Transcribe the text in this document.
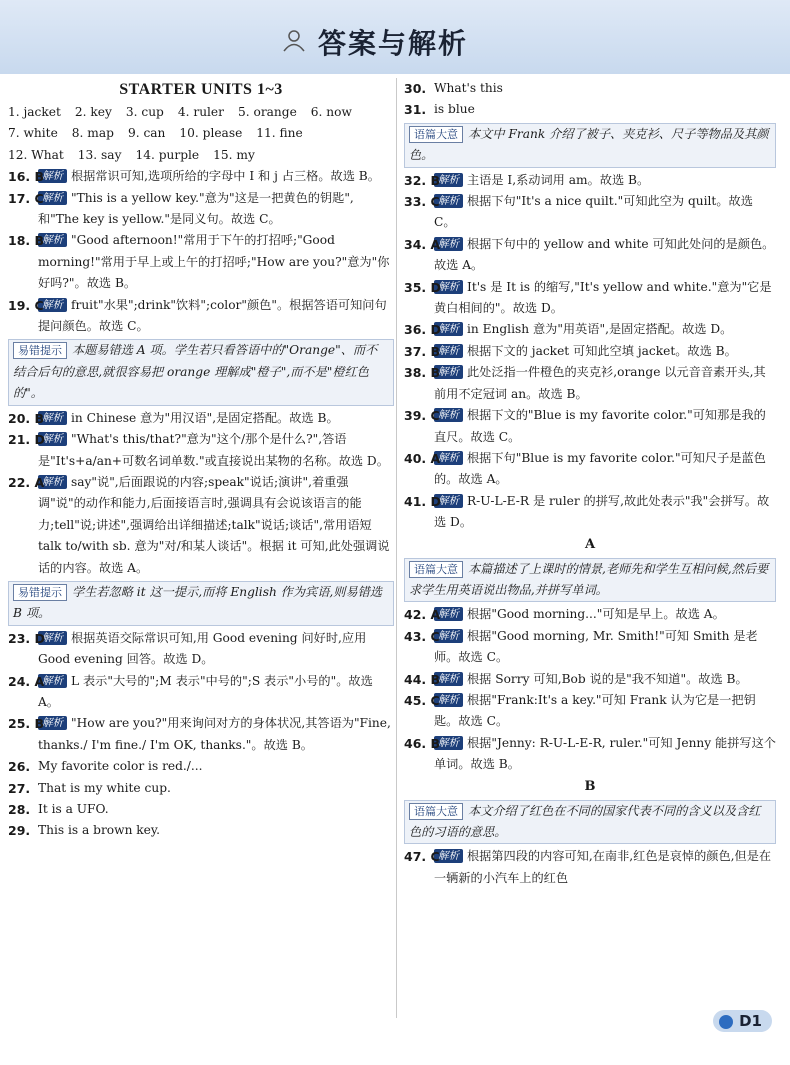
答案与解析
STARTER UNITS 1~3
1. jacket 2. key 3. cup 4. ruler 5. orange 6. now
7. white 8. map 9. can 10. please 11. fine
12. What 13. say 14. purple 15. my
16. B
解析 根据常识可知,选项所给的字母中 I 和 j 占三格。故选 B。
17. C
解析 "This is a yellow key."意为"这是一把黄色的钥匙",和"The key is yellow."是同义句。故选 C。
18. B
解析 "Good afternoon!"常用于下午的打招呼;"Good morning!"常用于早上或上午的打招呼;"How are you?"意为"你好吗?"。故选 B。
19. C
解析 fruit"水果";drink"饮料";color"颜色"。根据答语可知问句提问颜色。故选 C。
易错提示 本题易错选 A 项。学生若只看答语中的"Orange"、而不结合后句的意思,就很容易把 orange 理解成"橙子",而不是"橙红色的"。
20. B
解析 in Chinese 意为"用汉语",是固定搭配。故选 B。
21. D
解析 "What's this/that?"意为"这个/那个是什么?",答语是"It's+a/an+可数名词单数."或直接说出某物的名称。故选 D。
22. A
解析 say"说",后面跟说的内容;speak"说话;演讲",着重强调"说"的动作和能力,后面接语言时,强调具有会说该语言的能力;tell"说;讲述",强调给出详细描述;talk"说话;谈话",常用语短 talk to/with sb. 意为"对/和某人谈话"。根据 it 可知,此处强调说话的内容。故选 A。
易错提示 学生若忽略 it 这一提示,而将 English 作为宾语,则易错选 B 项。
23. D
解析 根据英语交际常识可知,用 Good evening 问好时,应用 Good evening 回答。故选 D。
24. A
解析 L 表示"大号的";M 表示"中号的";S 表示"小号的"。故选 A。
25. B
解析 "How are you?"用来询问对方的身体状况,其答语为"Fine, thanks./ I'm fine./ I'm OK, thanks."。故选 B。
26. My favorite color is red./...
27. That is my white cup.
28. It is a UFO.
29. This is a brown key.
30. What's this
31. is blue
语篇大意 本文中 Frank 介绍了被子、夹克衫、尺子等物品及其颜色。
32. B
解析 主语是 I,系动词用 am。故选 B。
33. C
解析 根据下句"It's a nice quilt."可知此空为 quilt。故选 C。
34. A
解析 根据下句中的 yellow and white 可知此处问的是颜色。故选 A。
35. D
解析 It's 是 It is 的缩写,"It's yellow and white."意为"它是黄白相间的"。故选 D。
36. D
解析 in English 意为"用英语",是固定搭配。故选 D。
37. B
解析 根据下文的 jacket 可知此空填 jacket。故选 B。
38. B
解析 此处泛指一件橙色的夹克衫,orange 以元音音素开头,其前用不定冠词 an。故选 B。
39. C
解析 根据下文的"Blue is my favorite color."可知那是我的直尺。故选 C。
40. A
解析 根据下句"Blue is my favorite color."可知尺子是蓝色的。故选 A。
41. D
解析 R-U-L-E-R 是 ruler 的拼写,故此处表示"我"会拼写。故选 D。
A
语篇大意 本篇描述了上课时的情景,老师先和学生互相问候,然后要求学生用英语说出物品,并拼写单词。
42. A
解析 根据"Good morning..."可知是早上。故选 A。
43. C
解析 根据"Good morning, Mr. Smith!"可知 Smith 是老师。故选 C。
44. B
解析 根据 Sorry 可知,Bob 说的是"我不知道"。故选 B。
45. C
解析 根据"Frank:It's a key."可知 Frank 认为它是一把钥匙。故选 C。
46. B
解析 根据"Jenny: R-U-L-E-R, ruler."可知 Jenny 能拼写这个单词。故选 B。
B
语篇大意 本文介绍了红色在不同的国家代表不同的含义以及含红色的习语的意思。
47. C
解析 根据第四段的内容可知,在南非,红色是哀悼的颜色,但是在一辆新的小汽车上的红色
D1
